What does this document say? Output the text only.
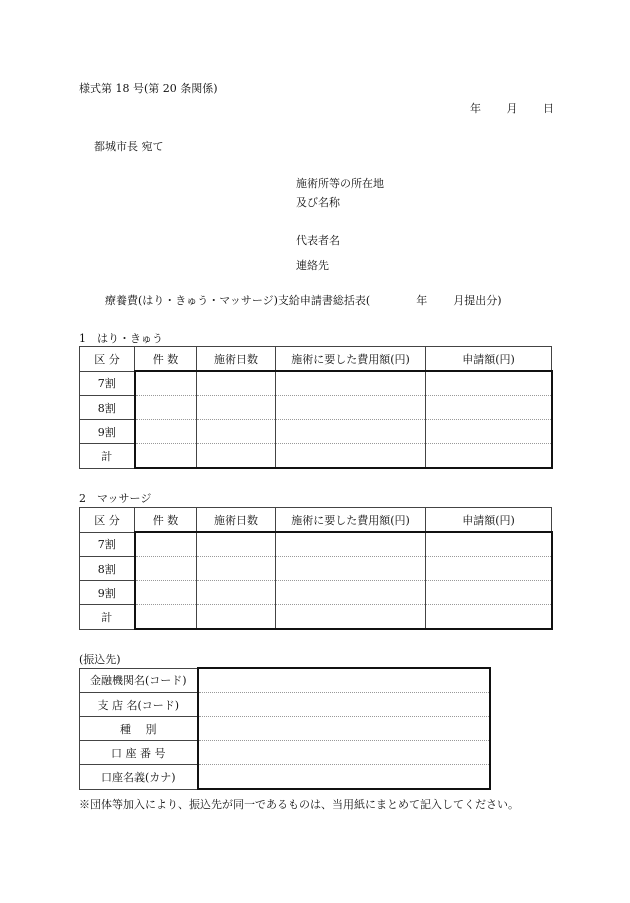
様式第 18 号(第 20 条関係)
年 月 日
都城市長 宛て
施術所等の所在地
及び名称
代表者名
連絡先
療養費(はり・きゅう・マッサージ)支給申請書総括表(	年 月提出分)
1　はり・きゅう
区 分	件 数	施術日数	施術に要した費用額(円)	申請額(円)
7割				
8割				
9割				
計				
2　マッサージ
区 分	件 数	施術日数	施術に要した費用額(円)	申請額(円)
7割				
8割				
9割				
計				
(振込先)
金融機関名(コード)	
支 店 名(コード)	
種　 別	
口 座 番 号	
口座名義(カナ)	
※団体等加入により、振込先が同一であるものは、当用紙にまとめて記入してください。
